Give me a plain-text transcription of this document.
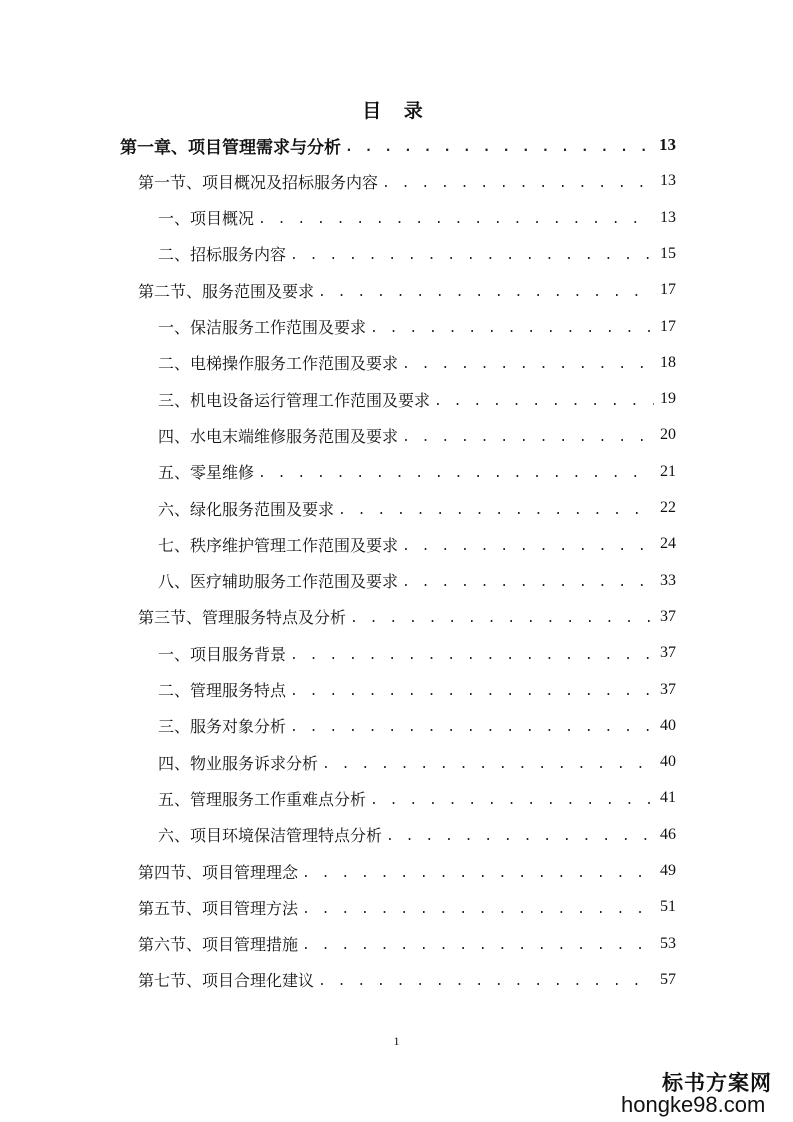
目 录
第一章、项目管理需求与分析 . . .	13
第一节、项目概况及招标服务内容 . . .	13
一、项目概况 . . .	13
二、招标服务内容 . . .	15
第二节、服务范围及要求 . . .	17
一、保洁服务工作范围及要求 . . .	17
二、电梯操作服务工作范围及要求 . . .	18
三、机电设备运行管理工作范围及要求 . . .	19
四、水电末端维修服务范围及要求 . . .	20
五、零星维修 . . .	21
六、绿化服务范围及要求 . . .	22
七、秩序维护管理工作范围及要求 . . .	24
八、医疗辅助服务工作范围及要求 . . .	33
第三节、管理服务特点及分析 . . .	37
一、项目服务背景 . . .	37
二、管理服务特点 . . .	37
三、服务对象分析 . . .	40
四、物业服务诉求分析 . . .	40
五、管理服务工作重难点分析 . . .	41
六、项目环境保洁管理特点分析 . . .	46
第四节、项目管理理念 . . .	49
第五节、项目管理方法 . . .	51
第六节、项目管理措施 . . .	53
第七节、项目合理化建议 . . .	57
1
标书方案网
hongke98.com
